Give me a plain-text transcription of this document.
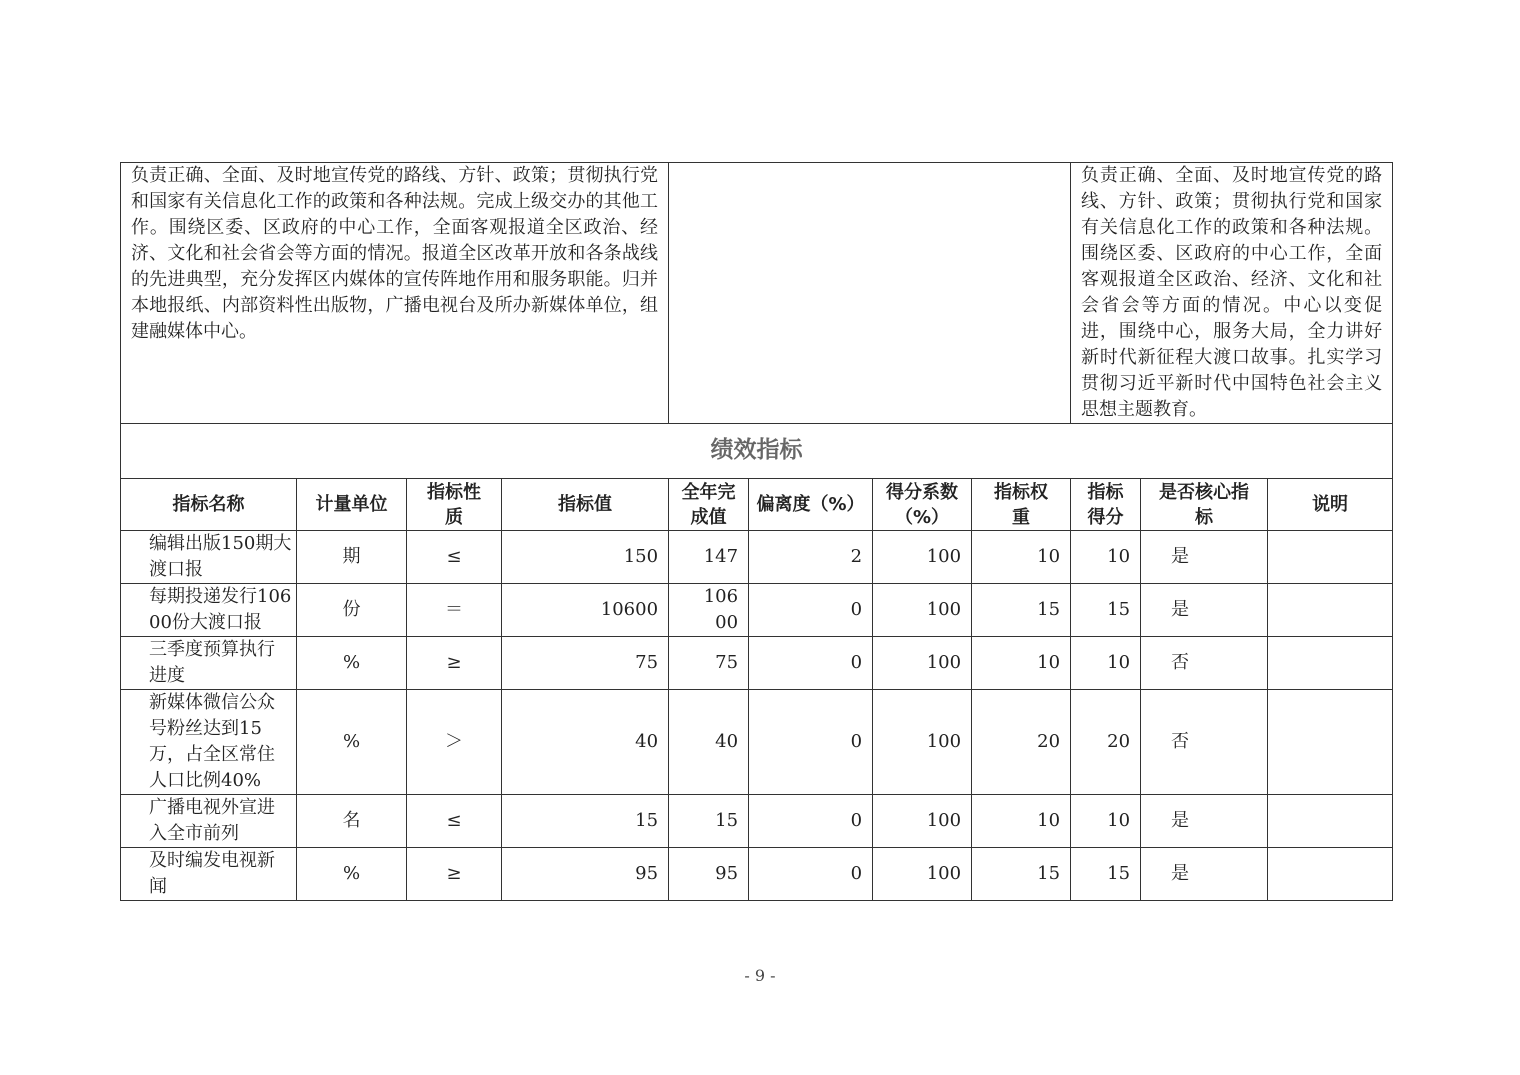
负责正确、全面、及时地宣传党的路线、方针、政策；贯彻执行党和国家有关信息化工作的政策和各种法规。完成上级交办的其他工作。围绕区委、区政府的中心工作，全面客观报道全区政治、经济、文化和社会省会等方面的情况。报道全区改革开放和各条战线的先进典型，充分发挥区内媒体的宣传阵地作用和服务职能。归并本地报纸、内部资料性出版物，广播电视台及所办新媒体单位，组建融媒体中心。								负责正确、全面、及时地宣传党的路线、方针、政策；贯彻执行党和国家有关信息化工作的政策和各种法规。围绕区委、区政府的中心工作，全面客观报道全区政治、经济、文化和社会省会等方面的情况。中心以变促进，围绕中心，服务大局，全力讲好新时代新征程大渡口故事。扎实学习贯彻习近平新时代中国特色社会主义思想主题教育。		

绩效指标										
指标名称	计量单位	指标性质	指标值	全年完成值	偏离度（%）	得分系数（%）	指标权重	指标得分	是否核心指标	说明

编辑出版150期大渡口报	期	≤	150	147	2	100	10	10	是	

每期投递发行10600份大渡口报	份	＝	10600	10600	0	100	15	15	是	

三季度预算执行进度	%	≥	75	75	0	100	10	10	否	

新媒体微信公众号粉丝达到15万，占全区常住人口比例40%	%	＞	40	40	0	100	20	20	否	

广播电视外宣进入全市前列	名	≤	15	15	0	100	10	10	是	

及时编发电视新闻	%	≥	95	95	0	100	15	15	是	
- 9 -
